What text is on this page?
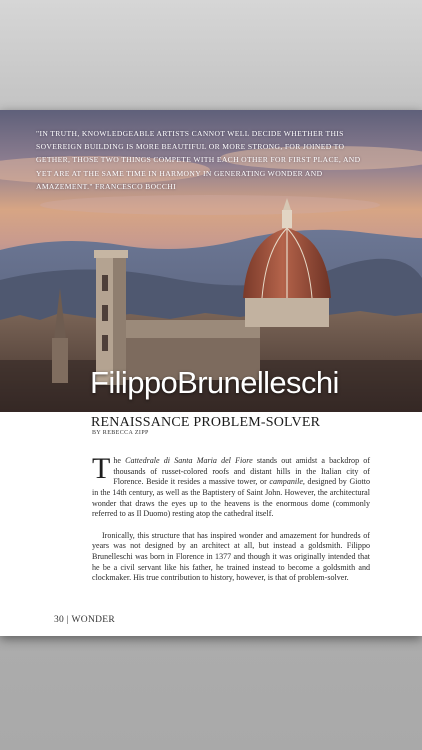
"IN TRUTH, KNOWLEDGEABLE ARTISTS CANNOT WELL DECIDE WHETHER THIS SOVEREIGN BUILDING IS MORE BEAUTIFUL OR MORE STRONG, FOR JOINED TO GETHER, THOSE TWO THINGS COMPETE WITH EACH OTHER FOR FIRST PLACE, AND YET ARE AT THE SAME TIME IN HARMONY IN GENERATING WONDER AND AMAZEMENT." FRANCESCO BOCCHI

FilippoBrunelleschi
RENAISSANCE PROBLEM-SOLVER
BY REBECCA ZIPP

The Cattedrale di Santa Maria del Fiore stands out amidst a backdrop of thousands of russet-colored roofs and distant hills in the Italian city of Florence. Beside it resides a massive tower, or campanile, designed by Giotto in the 14th century, as well as the Baptistery of Saint John. However, the architectural wonder that draws the eyes up to the heavens is the enormous dome (commonly referred to as Il Duomo) resting atop the cathedral itself.

Ironically, this structure that has inspired wonder and amazement for hundreds of years was not designed by an architect at all, but instead a goldsmith. Filippo Brunelleschi was born in Florence in 1377 and though it was originally intended that he be a civil servant like his father, he trained instead to become a goldsmith and clockmaker. His true contribution to history, however, is that of problem-solver.

30 | WONDER
